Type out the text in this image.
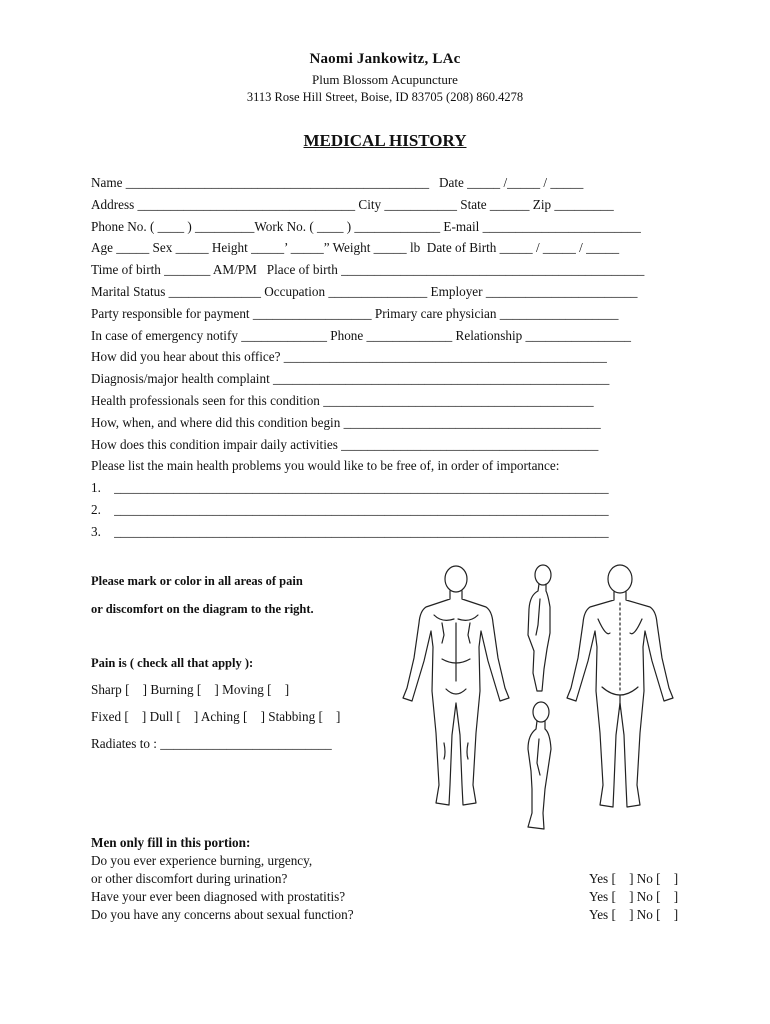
Naomi Jankowitz, LAc
Plum Blossom Acupuncture
3113 Rose Hill Street, Boise, ID 83705 (208) 860.4278
MEDICAL HISTORY
Name ______________________________________________   Date _____ /_____ / _____
Address _________________________________ City ___________ State ______ Zip _________
Phone No. ( ____ ) _________Work No. ( ____ ) _____________ E-mail ________________________
Age _____ Sex _____ Height _____’ _____” Weight _____ lb  Date of Birth _____ / _____ / _____
Time of birth _______ AM/PM   Place of birth ______________________________________________
Marital Status ______________ Occupation _______________ Employer _______________________
Party responsible for payment __________________ Primary care physician __________________
In case of emergency notify _____________ Phone _____________ Relationship ________________
How did you hear about this office? _________________________________________________
Diagnosis/major health complaint ___________________________________________________
Health professionals seen for this condition _________________________________________
How, when, and where did this condition begin _______________________________________
How does this condition impair daily activities _______________________________________
Please list the main health problems you would like to be free of, in order of importance:
1.    ___________________________________________________________________________
2.    ___________________________________________________________________________
3.    ___________________________________________________________________________
Please mark or color in all areas of pain
or discomfort on the diagram to the right.
Pain is ( check all that apply ):
Sharp [    ] Burning [    ] Moving [    ]
Fixed [    ] Dull [    ] Aching [    ] Stabbing [    ]
Radiates to : __________________________
Men only fill in this portion:
Do you ever experience burning, urgency,
or other discomfort during urination?
Have your ever been diagnosed with prostatitis?
Do you have any concerns about sexual function?
Yes [    ] No [    ]
Yes [    ] No [    ]
Yes [    ] No [    ]
